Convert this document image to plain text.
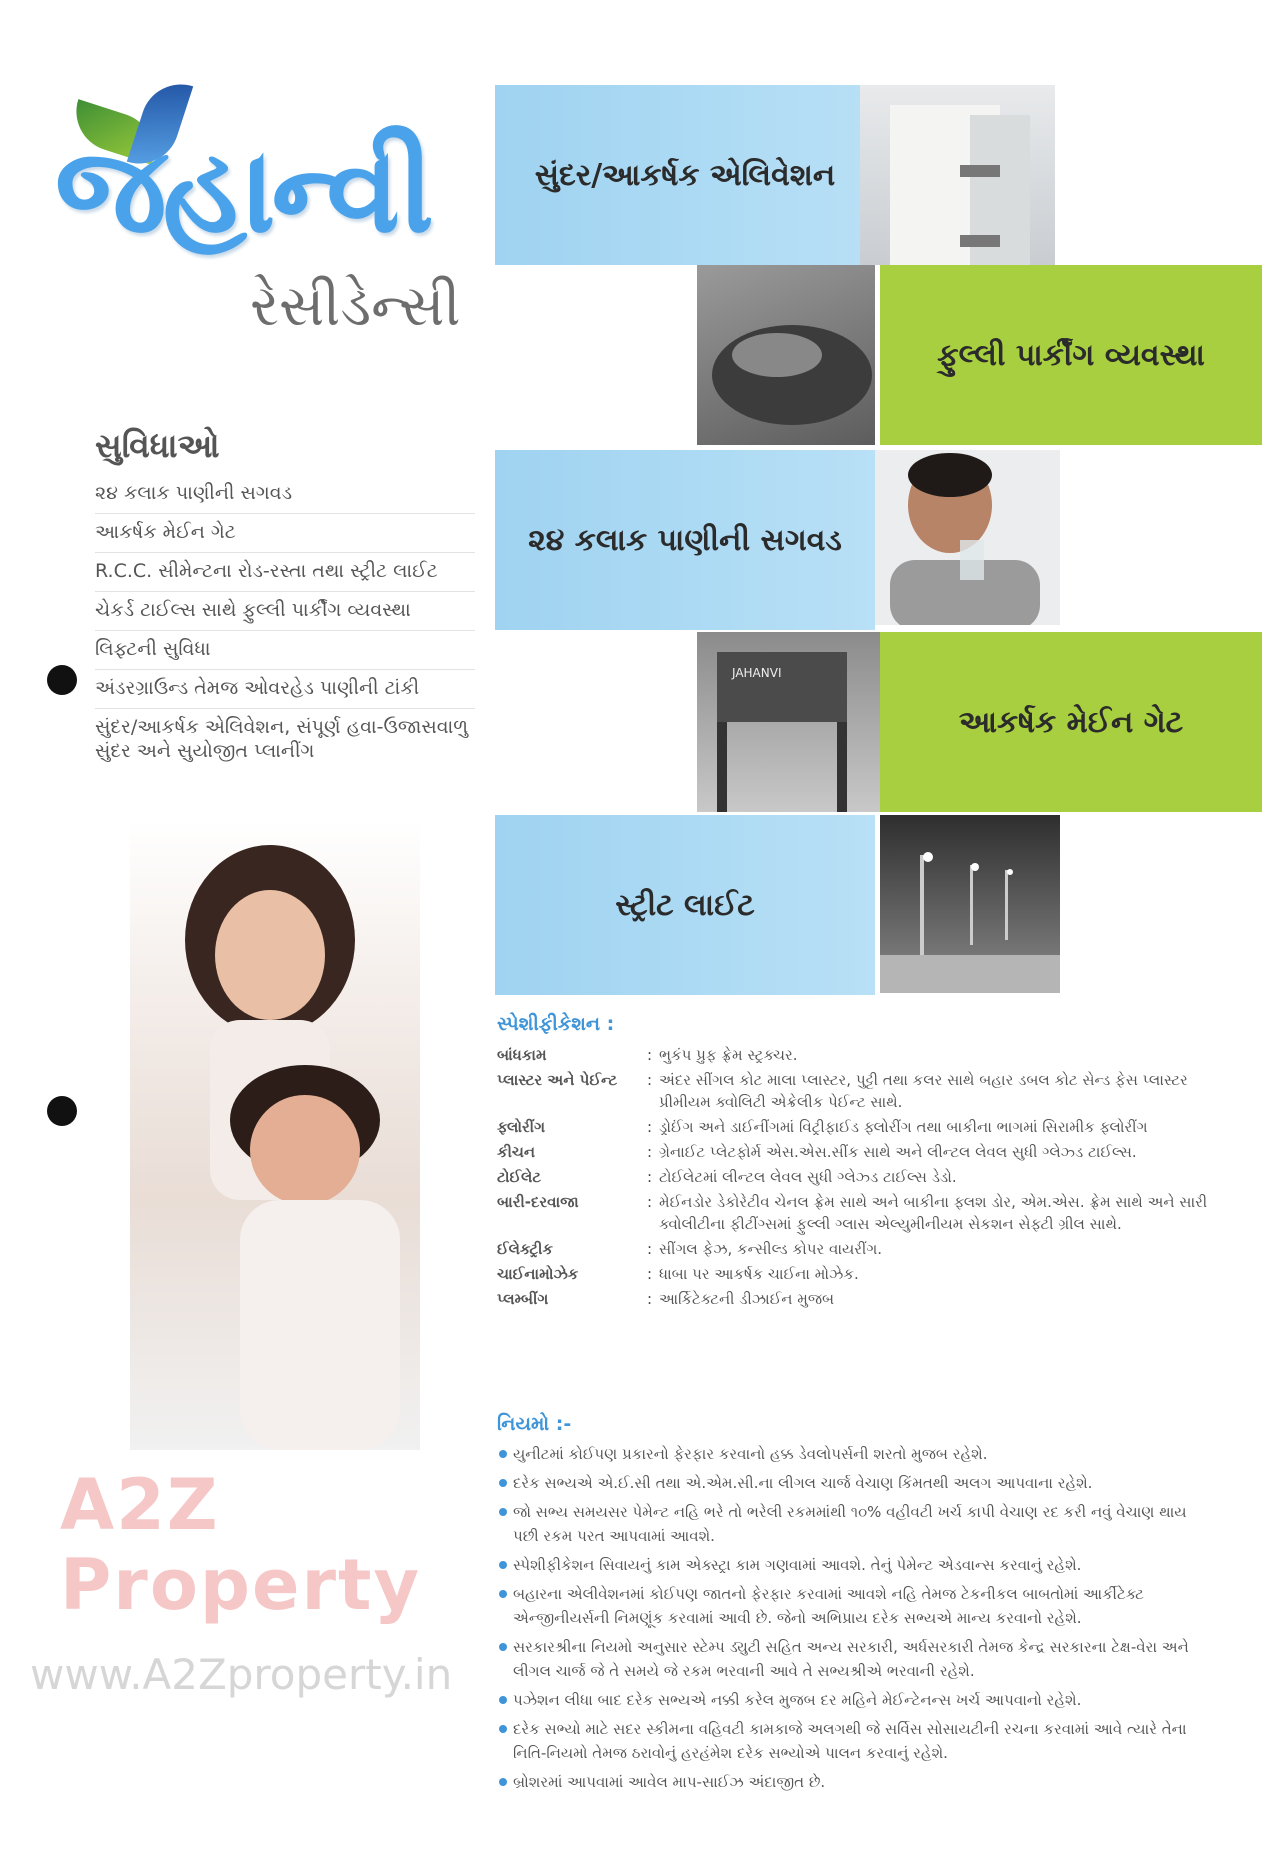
જહાન્વી
રેસીડેન્સી
સુવિધાઓ
૨૪ કલાક પાણીની સગવડ
આકર્ષક મેઈન ગેટ
R.C.C. સીમેન્ટના રોડ-રસ્તા તથા સ્ટ્રીટ લાઈટ
ચેકર્ડ ટાઈલ્સ સાથે ફુલ્લી પાર્કીંગ વ્યવસ્થા
લિફ્ટની સુવિધા
અંડરગ્રાઉન્ડ તેમજ ઓવરહેડ પાણીની ટાંકી
સુંદર/આકર્ષક એલિવેશન, સંપૂર્ણ હવા-ઉજાસવાળુ સુંદર અને સુયોજીત પ્લાનીંગ
સુંદર/આકર્ષક એલિવેશન
ફુલ્લી પાર્કીંગ વ્યવસ્થા
૨૪ કલાક પાણીની સગવડ
JAHANVI
આકર્ષક મેઈન ગેટ
સ્ટ્રીટ લાઈટ
સ્પેશીફીકેશન :
બાંધકામ	: ભુકંપ પ્રુફ ફ્રેમ સ્ટ્રક્ચર.
પ્લાસ્ટર અને પેઈન્ટ	: અંદર સીંગલ કોટ માલા પ્લાસ્ટર, પુટ્ટી તથા કલર સાથે બહાર ડબલ કોટ સેન્ડ ફેસ પ્લાસ્ટર પ્રીમીયમ ક્વોલિટી એક્રેલીક પેઈન્ટ સાથે.
ફ્લોરીંગ	: ડ્રોઈંગ અને ડાઈનીંગમાં વિટ્રીફાઈડ ફ્લોરીંગ તથા બાકીના ભાગમાં સિરામીક ફ્લોરીંગ
કીચન	: ગ્રેનાઈટ પ્લેટફોર્મ એસ.એસ.સીંક સાથે અને લીન્ટલ લેવલ સુધી ગ્લેઝ્ડ ટાઈલ્સ.
ટોઈલેટ	: ટોઈલેટમાં લીન્ટલ લેવલ સુધી ગ્લેઝ્ડ ટાઈલ્સ ડેડો.
બારી-દરવાજા	: મેઈનડોર ડેકોરેટીવ ચેનલ ફ્રેમ સાથે અને બાકીના ફ્લશ ડોર, એમ.એસ. ફ્રેમ સાથે અને સારી ક્વોલીટીના ફીટીંગ્સમાં ફુલ્લી ગ્લાસ એલ્યુમીનીયમ સેકશન સેફ્ટી ગ્રીલ સાથે.
ઈલેક્ટ્રીક	: સીંગલ ફેઝ, કન્સીલ્ડ કોપર વાયરીંગ.
ચાઈનામોઝેક	: ધાબા પર આકર્ષક ચાઈના મોઝેક.
પ્લમ્બીંગ	: આર્કિટેક્ટની ડીઝાઈન મુજબ
નિયમો :-
યુનીટમાં કોઈપણ પ્રકારનો ફેરફાર કરવાનો હક્ક ડેવલોપર્સની શરતો મુજબ રહેશે.
દરેક સભ્યએ એ.ઈ.સી તથા એ.એમ.સી.ના લીગલ ચાર્જ વેચાણ કિંમતથી અલગ આપવાના રહેશે.
જો સભ્ય સમયસર પેમેન્ટ નહિ ભરે તો ભરેલી રકમમાંથી ૧૦% વહીવટી ખર્ચ કાપી વેચાણ રદ કરી નવું વેચાણ થાય પછી રકમ પરત આપવામાં આવશે.
સ્પેશીફીકેશન સિવાયનું કામ એક્સ્ટ્રા કામ ગણવામાં આવશે. તેનું પેમેન્ટ એડવાન્સ કરવાનું રહેશે.
બહારના એલીવેશનમાં કોઈપણ જાતનો ફેરફાર કરવામાં આવશે નહિ તેમજ ટેકનીકલ બાબતોમાં આર્કીટેક્ટ એન્જીનીયર્સની નિમણૂંક કરવામાં આવી છે. જેનો અભિપ્રાય દરેક સભ્યએ માન્ય કરવાનો રહેશે.
સરકારશ્રીના નિયમો અનુસાર સ્ટેમ્પ ડ્યુટી સહિત અન્ય સરકારી, અર્ધસરકારી તેમજ કેન્દ્ર સરકારના ટેક્ષ-વેરા અને લીગલ ચાર્જ જે તે સમયે જે રકમ ભરવાની આવે તે સભ્યશ્રીએ ભરવાની રહેશે.
પઝેશન લીધા બાદ દરેક સભ્યએ નક્કી કરેલ મુજબ દર મહિને મેઈન્ટેનન્સ ખર્ચ આપવાનો રહેશે.
દરેક સભ્યો માટે સદર સ્કીમના વહિવટી કામકાજે અલગથી જે સર્વિસ સોસાયટીની રચના કરવામાં આવે ત્યારે તેના નિતિ-નિયમો તેમજ ઠરાવોનું હરહંમેશ દરેક સભ્યોએ પાલન કરવાનું રહેશે.
બ્રોશરમાં આપવામાં આવેલ માપ-સાઈઝ અંદાજીત છે.
A2Z Property
www.A2Zproperty.in
